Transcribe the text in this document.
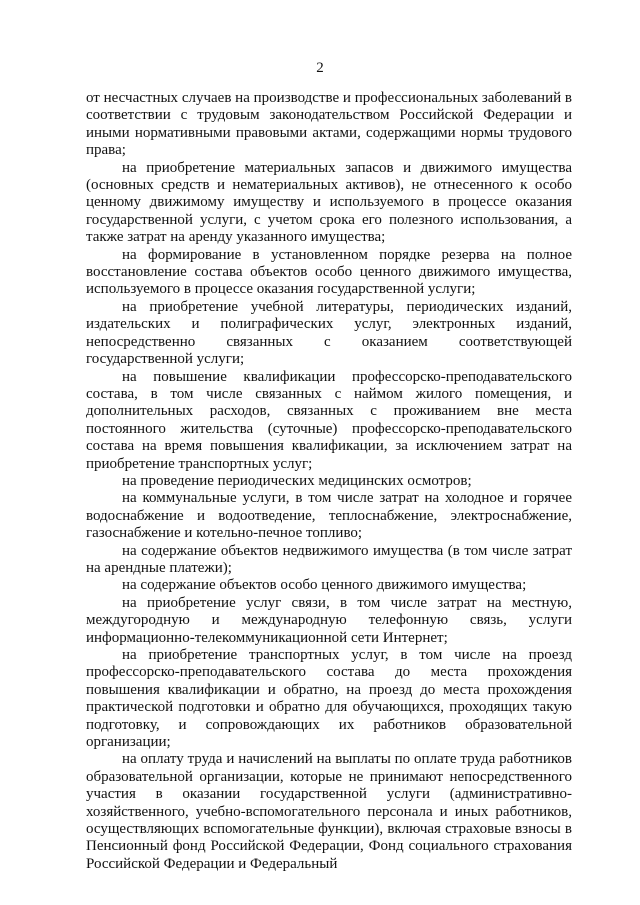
2

от несчастных случаев на производстве и профессиональных заболеваний в соответствии с трудовым законодательством Российской Федерации и иными нормативными правовыми актами, содержащими нормы трудового права;

на приобретение материальных запасов и движимого имущества (основных средств и нематериальных активов), не отнесенного к особо ценному движимому имуществу и используемого в процессе оказания государственной услуги, с учетом срока его полезного использования, а также затрат на аренду указанного имущества;

на формирование в установленном порядке резерва на полное восстановление состава объектов особо ценного движимого имущества, используемого в процессе оказания государственной услуги;

на приобретение учебной литературы, периодических изданий, издательских и полиграфических услуг, электронных изданий, непосредственно связанных с оказанием соответствующей государственной услуги;

на повышение квалификации профессорско-преподавательского состава, в том числе связанных с наймом жилого помещения, и дополнительных расходов, связанных с проживанием вне места постоянного жительства (суточные) профессорско-преподавательского состава на время повышения квалификации, за исключением затрат на приобретение транспортных услуг;

на проведение периодических медицинских осмотров;

на коммунальные услуги, в том числе затрат на холодное и горячее водоснабжение и водоотведение, теплоснабжение, электроснабжение, газоснабжение и котельно-печное топливо;

на содержание объектов недвижимого имущества (в том числе затрат на арендные платежи);

на содержание объектов особо ценного движимого имущества;

на приобретение услуг связи, в том числе затрат на местную, междугородную и международную телефонную связь, услуги информационно-телекоммуникационной сети Интернет;

на приобретение транспортных услуг, в том числе на проезд профессорско-преподавательского состава до места прохождения повышения квалификации и обратно, на проезд до места прохождения практической подготовки и обратно для обучающихся, проходящих такую подготовку, и сопровождающих их работников образовательной организации;

на оплату труда и начислений на выплаты по оплате труда работников образовательной организации, которые не принимают непосредственного участия в оказании государственной услуги (административно-хозяйственного, учебно-вспомогательного персонала и иных работников, осуществляющих вспомогательные функции), включая страховые взносы в Пенсионный фонд Российской Федерации, Фонд социального страхования Российской Федерации и Федеральный
